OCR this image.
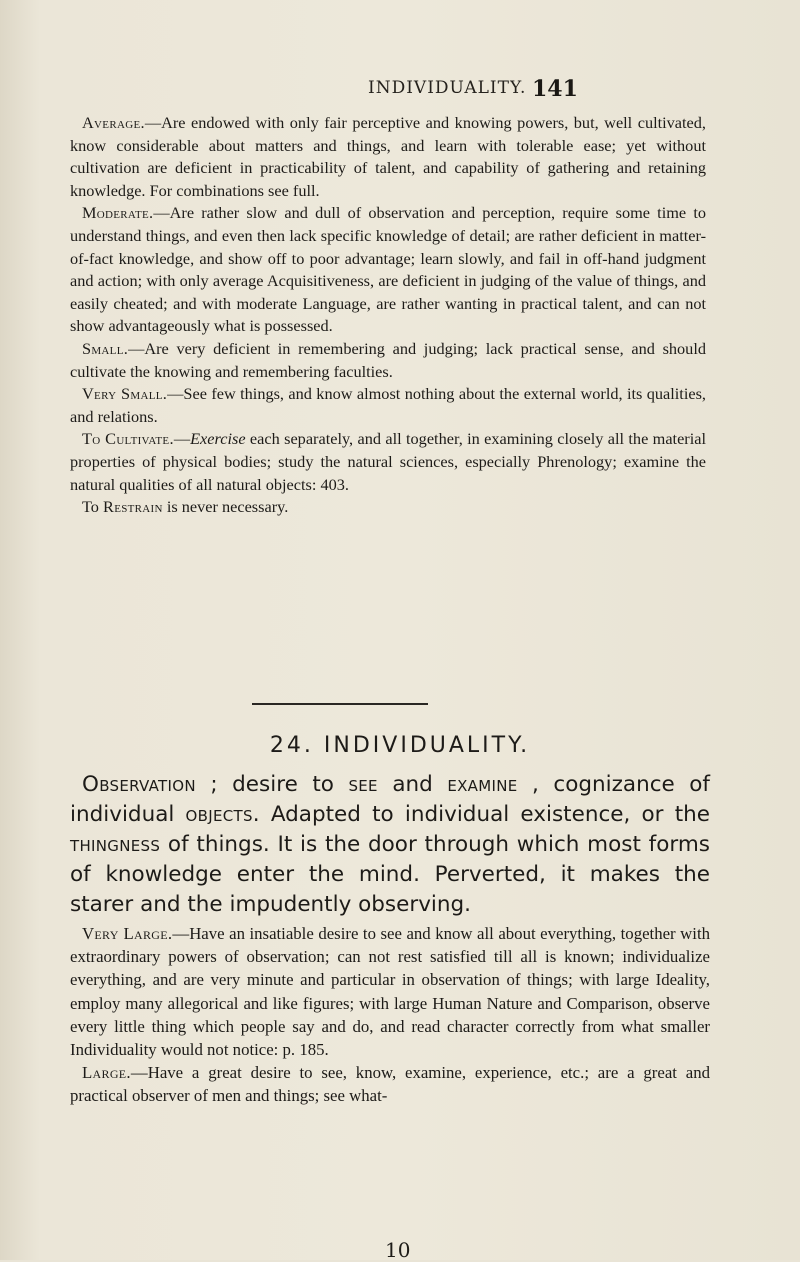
INDIVIDUALITY. 141

Average.—Are endowed with only fair perceptive and knowing powers, but, well cultivated, know considerable about matters and things, and learn with tolerable ease; yet without cultivation are deficient in practicability of talent, and capability of gathering and retaining knowledge. For combinations see full.

Moderate.—Are rather slow and dull of observation and perception, require some time to understand things, and even then lack specific knowledge of detail; are rather deficient in matter-of-fact knowledge, and show off to poor advantage; learn slowly, and fail in off-hand judgment and action; with only average Acquisitiveness, are deficient in judging of the value of things, and easily cheated; and with moderate Language, are rather wanting in practical talent, and can not show advantageously what is possessed.

Small.—Are very deficient in remembering and judging; lack practical sense, and should cultivate the knowing and remembering faculties.

Very Small.—See few things, and know almost nothing about the external world, its qualities, and relations.

To Cultivate.—Exercise each separately, and all together, in examining closely all the material properties of physical bodies; study the natural sciences, especially Phrenology; examine the natural qualities of all natural objects: 403.

To Restrain is never necessary.

24. INDIVIDUALITY.

Observation ; desire to see and examine , cognizance of individual objects. Adapted to individual existence, or the thingness of things. It is the door through which most forms of knowledge enter the mind. Perverted, it makes the starer and the impudently observing.

Very Large.—Have an insatiable desire to see and know all about everything, together with extraordinary powers of observation; can not rest satisfied till all is known; individualize everything, and are very minute and particular in observation of things; with large Ideality, employ many allegorical and like figures; with large Human Nature and Comparison, observe every little thing which people say and do, and read character correctly from what smaller Individuality would not notice: p. 185.

Large.—Have a great desire to see, know, examine, experience, etc.; are a great and practical observer of men and things; see what-

10
